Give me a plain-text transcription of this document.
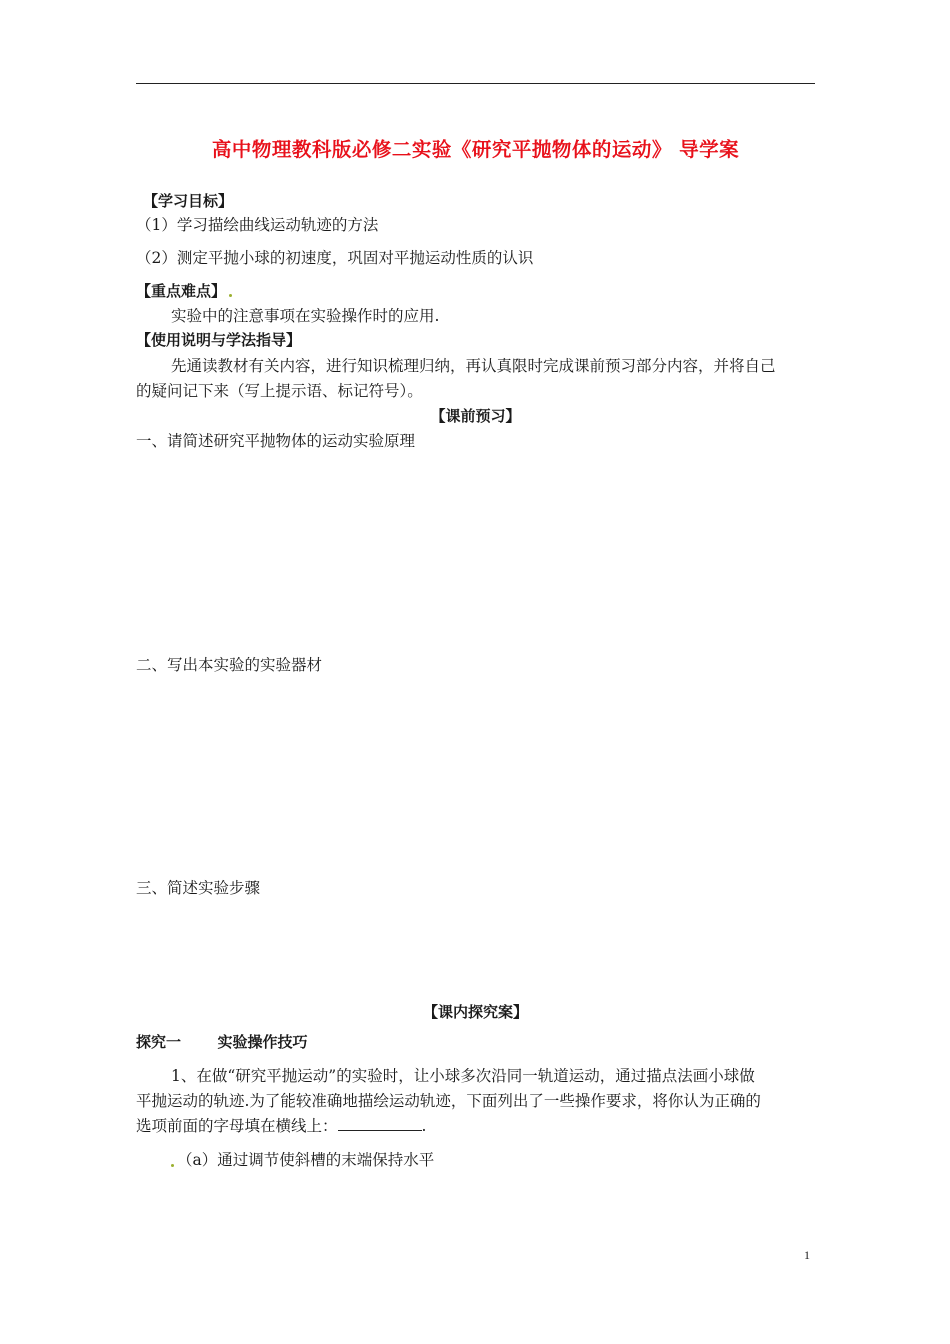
高中物理教科版必修二实验《研究平抛物体的运动》 导学案
【学习目标】
（1）学习描绘曲线运动轨迹的方法
（2）测定平抛小球的初速度，巩固对平抛运动性质的认识
【重点难点】
实验中的注意事项在实验操作时的应用.
【使用说明与学法指导】
先通读教材有关内容，进行知识梳理归纳，再认真限时完成课前预习部分内容，并将自己
的疑问记下来（写上提示语、标记符号）。
【课前预习】
一、请简述研究平抛物体的运动实验原理
二、写出本实验的实验器材
三、简述实验步骤
【课内探究案】
探究一 实验操作技巧
1、在做“研究平抛运动”的实验时，让小球多次沿同一轨道运动，通过描点法画小球做
平抛运动的轨迹.为了能较准确地描绘运动轨迹，下面列出了一些操作要求，将你认为正确的
选项前面的字母填在横线上：	.
（a）通过调节使斜槽的末端保持水平
1
